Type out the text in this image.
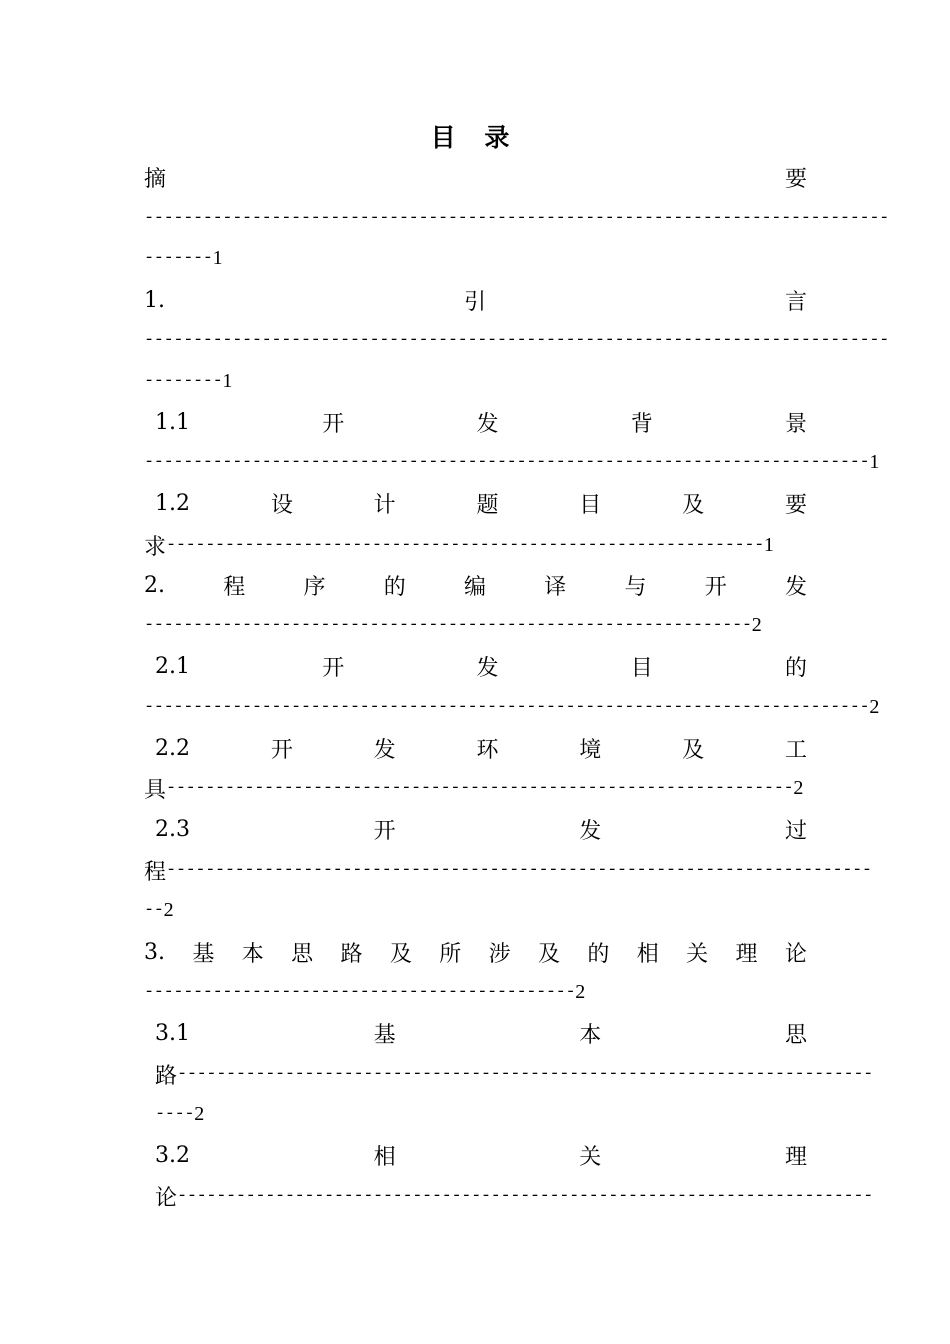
目 录
摘	要
----------------------------------------------------------------------------
------- 1
1.	引	言
----------------------------------------------------------------------------
-------- 1
1.1	开	发	背	景
-------------------------------------------------------------------------- 1
1.2	设	计	题	目	及	要
求 ------------------------------------------------------------- 1
2.	程	序	的	编	译	与	开	发
-------------------------------------------------------------- 2
2.1	开	发	目	的
-------------------------------------------------------------------------- 2
2.2	开	发	环	境	及	工
具 ---------------------------------------------------------------- 2
2.3	开	发	过
程 ------------------------------------------------------------------------
-- 2
3. 基 本 思 路 及 所 涉 及 的 相 关 理 论
-------------------------------------------- 2
3.1	基	本	思
路 -----------------------------------------------------------------------
---- 2
3.2	相	关	理
论 -----------------------------------------------------------------------
